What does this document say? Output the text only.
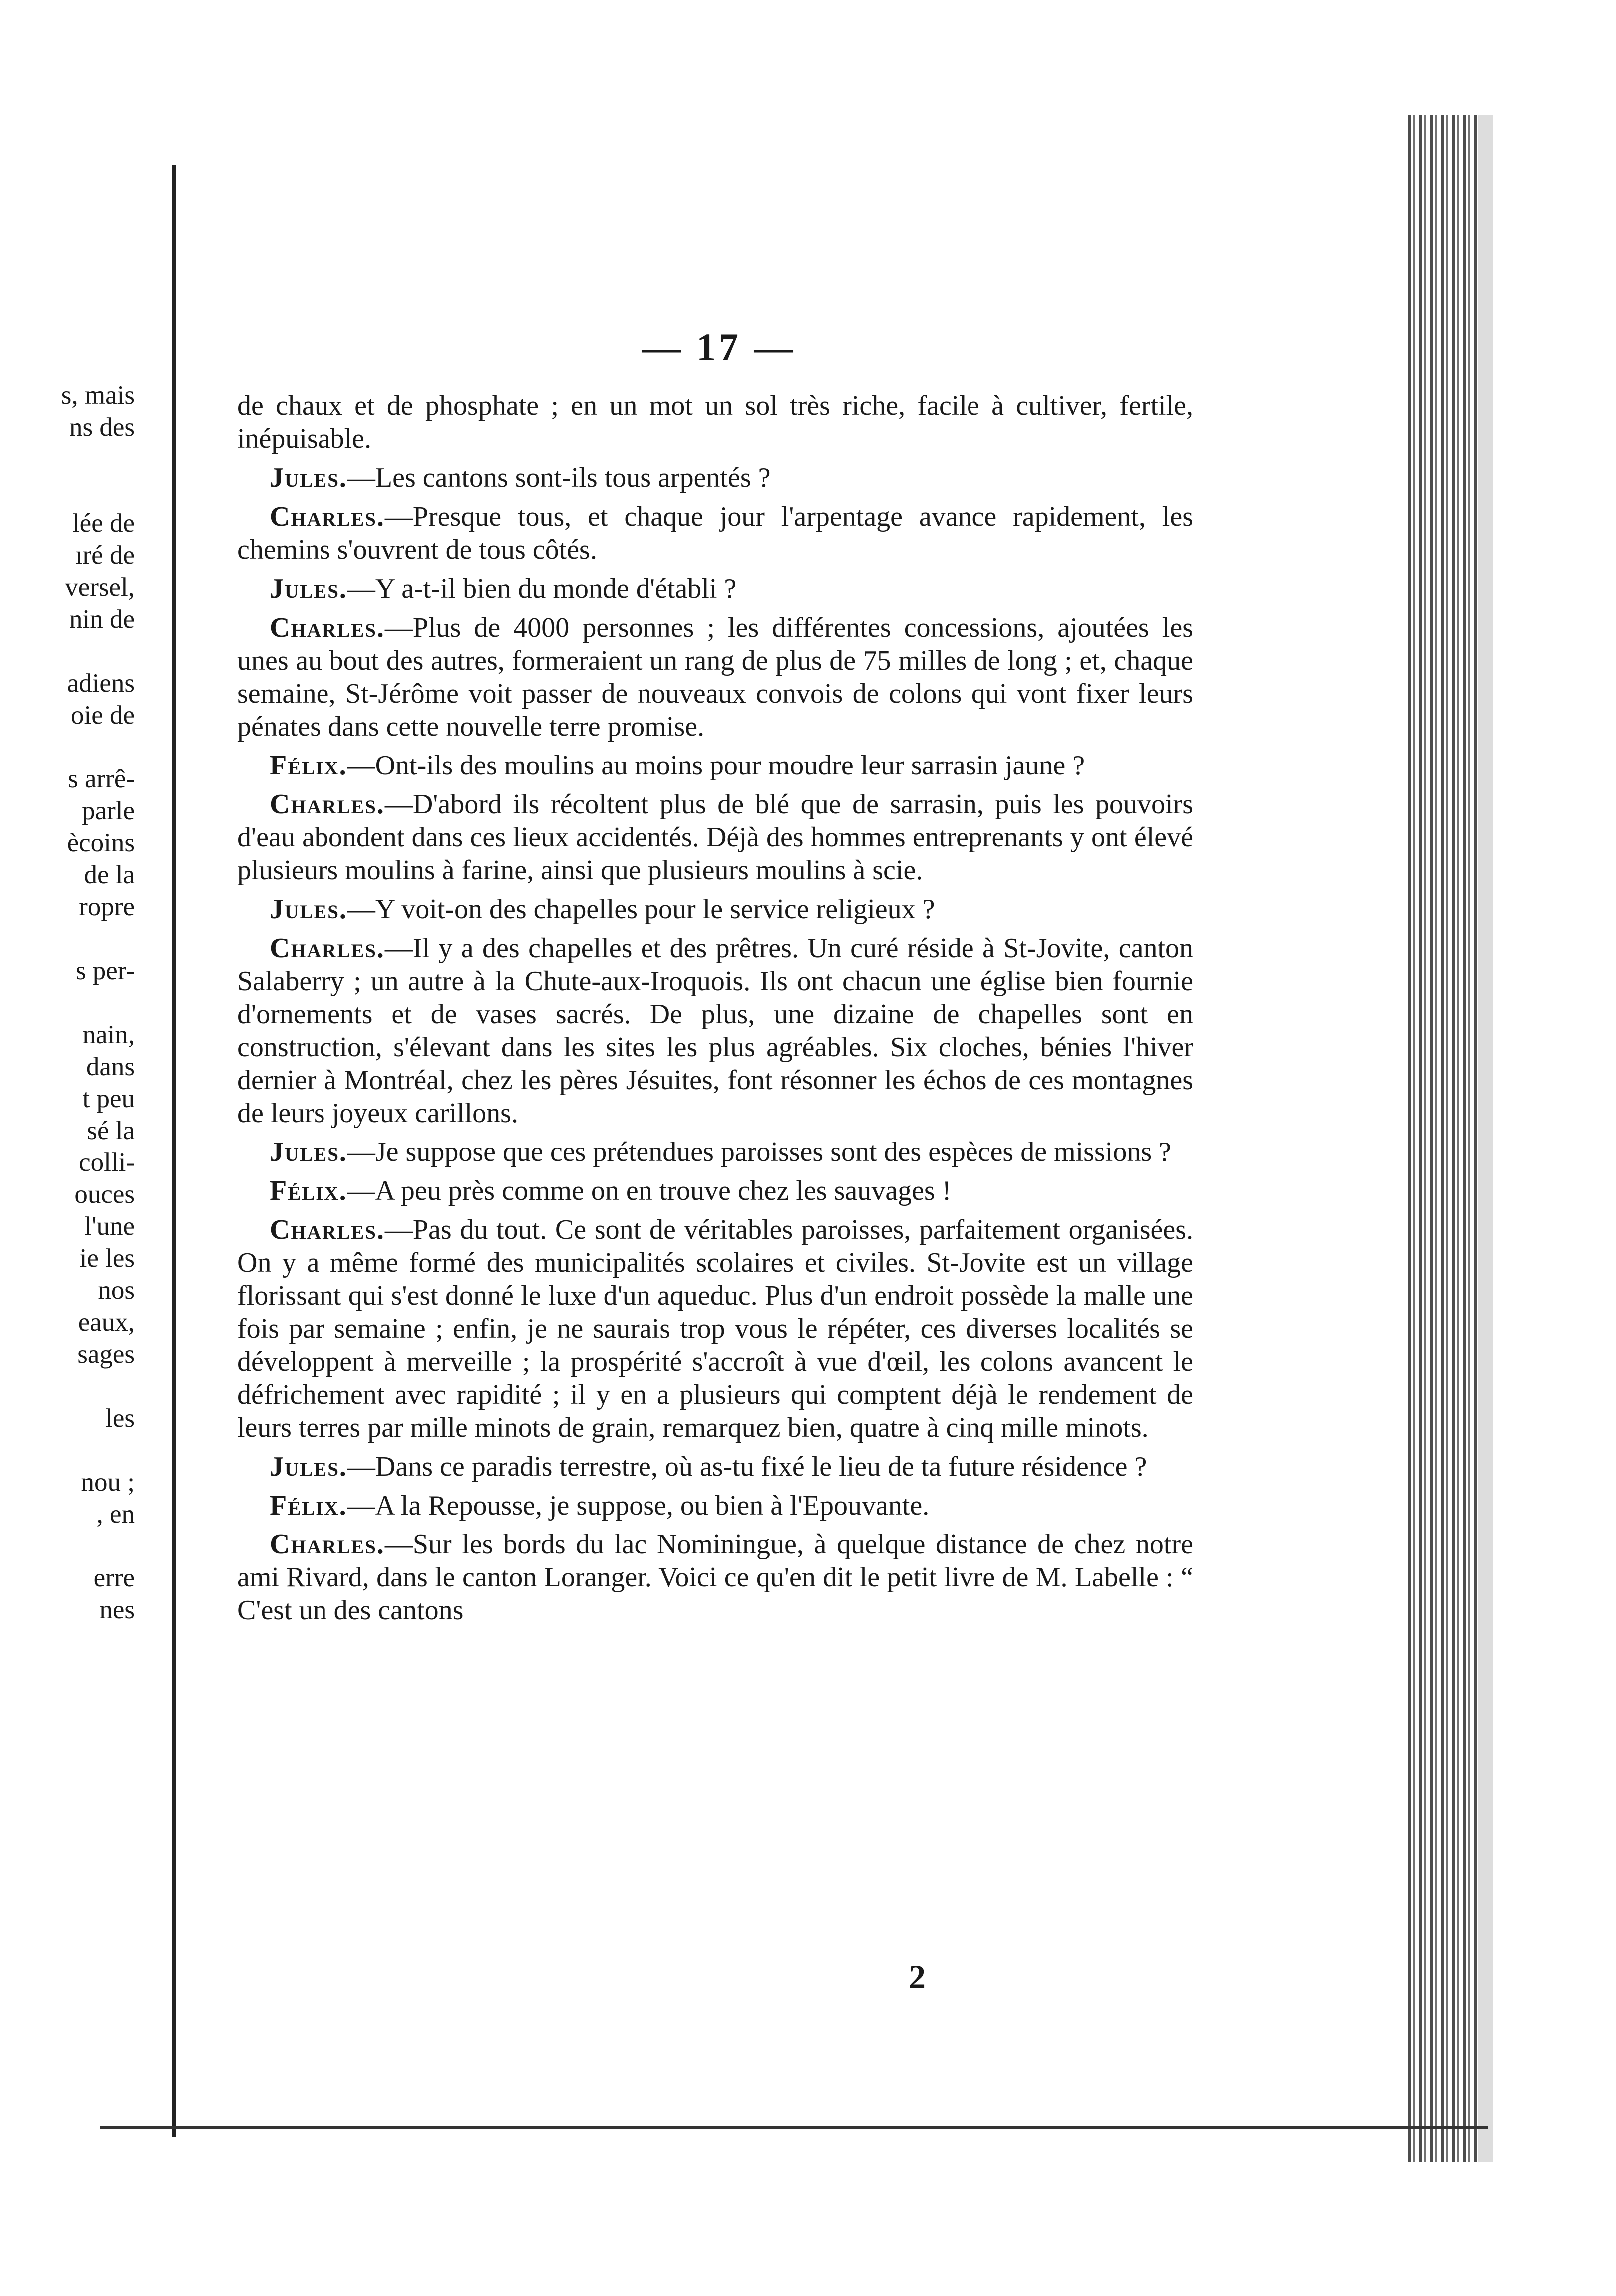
s, mais
ns des

lée de
ıré de
versel,
nin de

adiens
oie de

s arrê-
parle
ècoins
de la
ropre

s per-

nain,
dans
t peu
sé la
colli-
ouces
l'une
ie les
nos
eaux,
sages

les

nou ;
, en

erre
nes
— 17 —

de chaux et de phosphate ; en un mot un sol très riche, facile à cultiver, fertile, inépuisable.

Jules.—Les cantons sont-ils tous arpentés ?

Charles.—Presque tous, et chaque jour l'arpentage avance rapidement, les chemins s'ouvrent de tous côtés.

Jules.—Y a-t-il bien du monde d'établi ?

Charles.—Plus de 4000 personnes ; les différentes concessions, ajoutées les unes au bout des autres, formeraient un rang de plus de 75 milles de long ; et, chaque semaine, St-Jérôme voit passer de nouveaux convois de colons qui vont fixer leurs pénates dans cette nouvelle terre promise.

Félix.—Ont-ils des moulins au moins pour moudre leur sarrasin jaune ?

Charles.—D'abord ils récoltent plus de blé que de sarrasin, puis les pouvoirs d'eau abondent dans ces lieux accidentés. Déjà des hommes entreprenants y ont élevé plusieurs moulins à farine, ainsi que plusieurs moulins à scie.

Jules.—Y voit-on des chapelles pour le service religieux ?

Charles.—Il y a des chapelles et des prêtres. Un curé réside à St-Jovite, canton Salaberry ; un autre à la Chute-aux-Iroquois. Ils ont chacun une église bien fournie d'ornements et de vases sacrés. De plus, une dizaine de chapelles sont en construction, s'élevant dans les sites les plus agréables. Six cloches, bénies l'hiver dernier à Montréal, chez les pères Jésuites, font résonner les échos de ces montagnes de leurs joyeux carillons.

Jules.—Je suppose que ces prétendues paroisses sont des espèces de missions ?

Félix.—A peu près comme on en trouve chez les sauvages !

Charles.—Pas du tout. Ce sont de véritables paroisses, parfaitement organisées. On y a même formé des municipalités scolaires et civiles. St-Jovite est un village florissant qui s'est donné le luxe d'un aqueduc. Plus d'un endroit possède la malle une fois par semaine ; enfin, je ne saurais trop vous le répéter, ces diverses localités se développent à merveille ; la prospérité s'accroît à vue d'œil, les colons avancent le défrichement avec rapidité ; il y en a plusieurs qui comptent déjà le rendement de leurs terres par mille minots de grain, remarquez bien, quatre à cinq mille minots.

Jules.—Dans ce paradis terrestre, où as-tu fixé le lieu de ta future résidence ?

Félix.—A la Repousse, je suppose, ou bien à l'Epouvante.

Charles.—Sur les bords du lac Nominingue, à quelque distance de chez notre ami Rivard, dans le canton Loranger. Voici ce qu'en dit le petit livre de M. Labelle : “ C'est un des cantons

2
